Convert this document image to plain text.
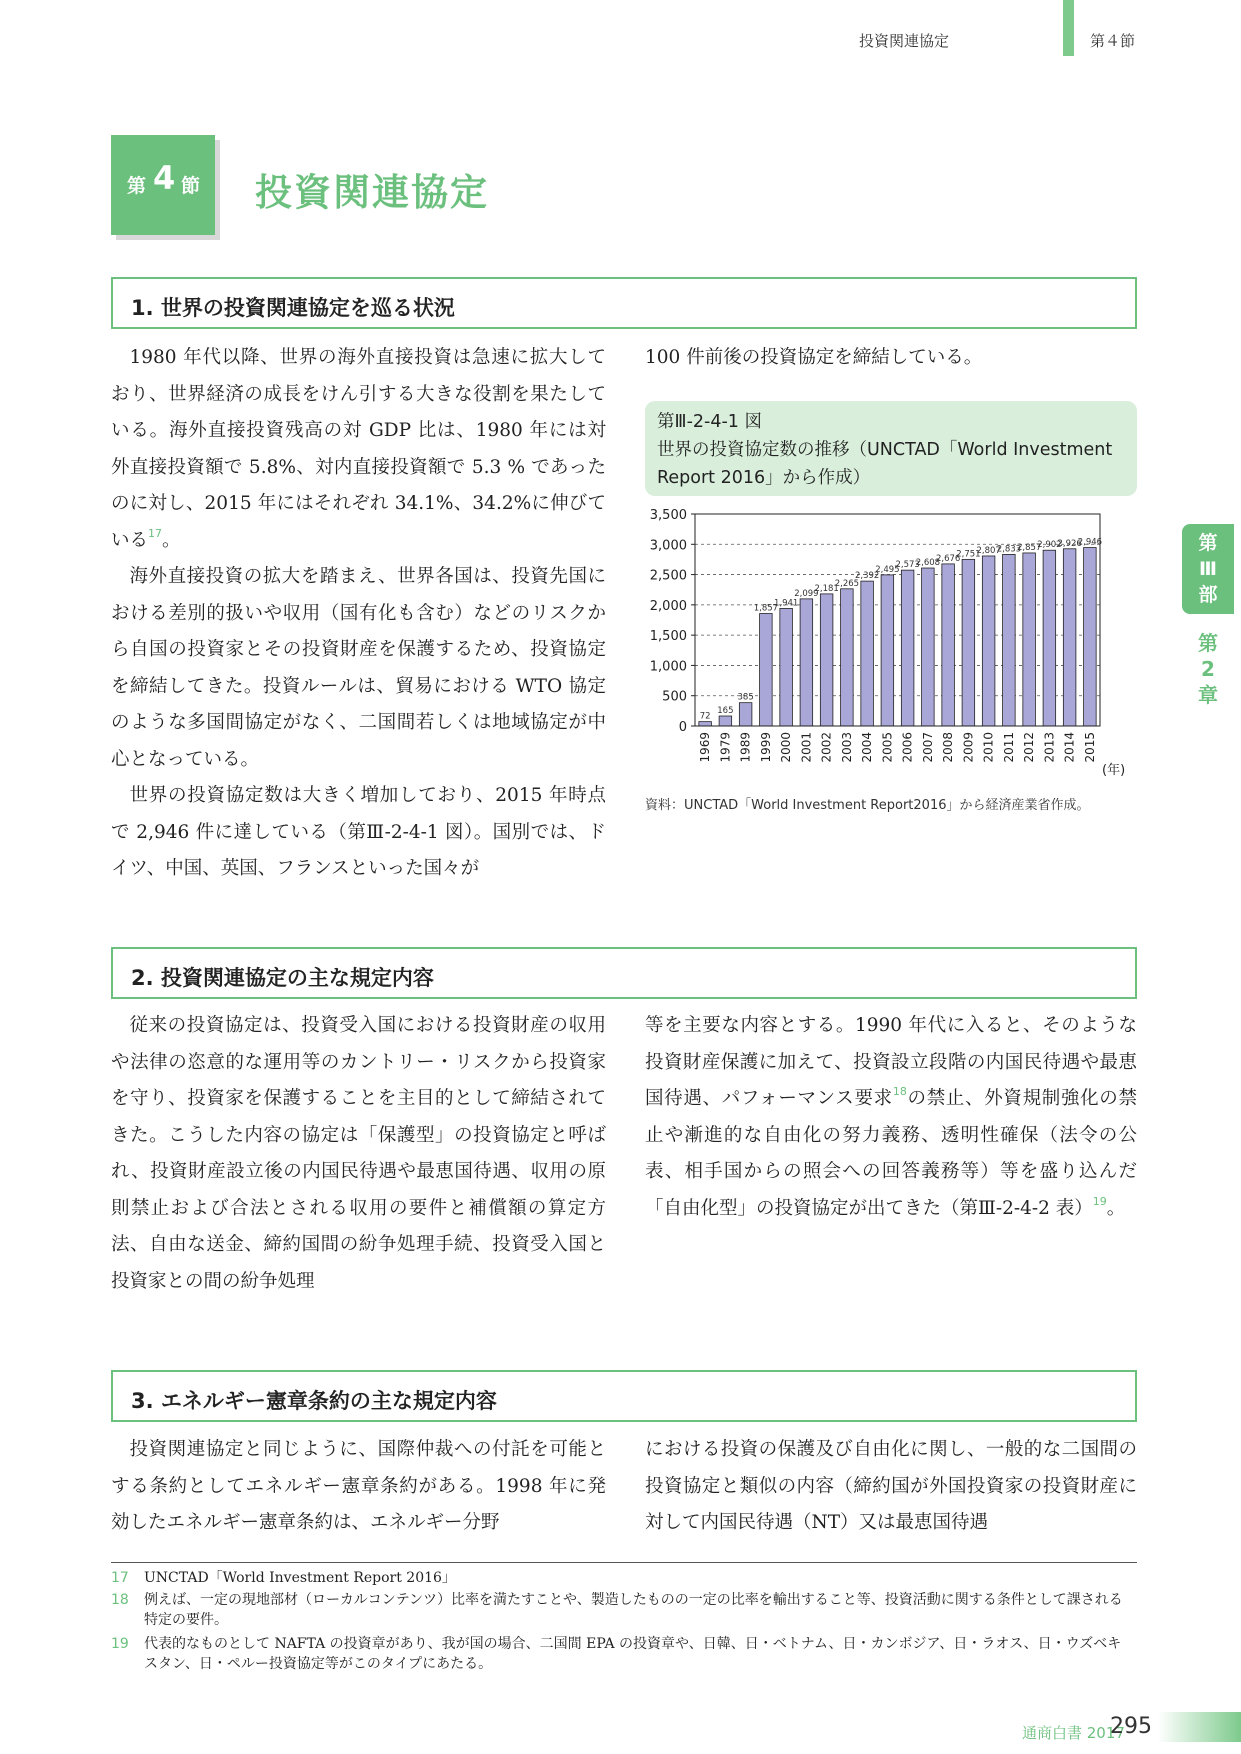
投資関連協定	第４節
第 4 節 投資関連協定
第
Ⅲ
部
第
2
章
1. 世界の投資関連協定を巡る状況

1980 年代以降、世界の海外直接投資は急速に拡大しており、世界経済の成長をけん引する大きな役割を果たしている。海外直接投資残高の対 GDP 比は、1980 年には対外直接投資額で 5.8%、対内直接投資額で 5.3 % であったのに対し、2015 年にはそれぞれ 34.1%、34.2%に伸びている$^{17}$。

海外直接投資の拡大を踏まえ、世界各国は、投資先国における差別的扱いや収用（国有化も含む）などのリスクから自国の投資家とその投資財産を保護するため、投資協定を締結してきた。投資ルールは、貿易における WTO 協定のような多国間協定がなく、二国間若しくは地域協定が中心となっている。

世界の投資協定数は大きく増加しており、2015 年時点で 2,946 件に達している（第Ⅲ-2-4-1 図）。国別では、ドイツ、中国、英国、フランスといった国々が

100 件前後の投資協定を締結している。

第Ⅲ-2-4-1 図
世界の投資協定数の推移（UNCTAD「World Investment Report 2016」から作成）
72
165
385
1,857
1,941
2,099
2,181
2,265
2,392
2,495
2,573
2,608
2,676
2,751
2,807
2,833
2,857
2,902
2,926
2,946
0
500
1,000
1,500
2,000
2,500
3,000
3,500
1969 1979 1989 1999 2000 2001 2002 2003 2004 2005 2006 2007 2008 2009 2010 2011 2012 2013 2014 2015
(年)
資料：UNCTAD「World Investment Report2016」から経済産業省作成。
2. 投資関連協定の主な規定内容

従来の投資協定は、投資受入国における投資財産の収用や法律の恣意的な運用等のカントリー・リスクから投資家を守り、投資家を保護することを主目的として締結されてきた。こうした内容の協定は「保護型」の投資協定と呼ばれ、投資財産設立後の内国民待遇や最恵国待遇、収用の原則禁止および合法とされる収用の要件と補償額の算定方法、自由な送金、締約国間の紛争処理手続、投資受入国と投資家との間の紛争処理

等を主要な内容とする。1990 年代に入ると、そのような投資財産保護に加えて、投資設立段階の内国民待遇や最恵国待遇、パフォーマンス要求$^{18}$の禁止、外資規制強化の禁止や漸進的な自由化の努力義務、透明性確保（法令の公表、相手国からの照会への回答義務等）等を盛り込んだ「自由化型」の投資協定が出てきた（第Ⅲ-2-4-2 表）$^{19}$。

3. エネルギー憲章条約の主な規定内容

投資関連協定と同じように、国際仲裁への付託を可能とする条約としてエネルギー憲章条約がある。1998 年に発効したエネルギー憲章条約は、エネルギー分野

における投資の保護及び自由化に関し、一般的な二国間の投資協定と類似の内容（締約国が外国投資家の投資財産に対して内国民待遇（NT）又は最恵国待遇

17 UNCTAD「World Investment Report 2016」
18 例えば、一定の現地部材（ローカルコンテンツ）比率を満たすことや、製造したものの一定の比率を輸出すること等、投資活動に関する条件として課される特定の要件。
19 代表的なものとして NAFTA の投資章があり、我が国の場合、二国間 EPA の投資章や、日韓、日・ベトナム、日・カンボジア、日・ラオス、日・ウズベキスタン、日・ペルー投資協定等がこのタイプにあたる。
通商白書 2017
295
